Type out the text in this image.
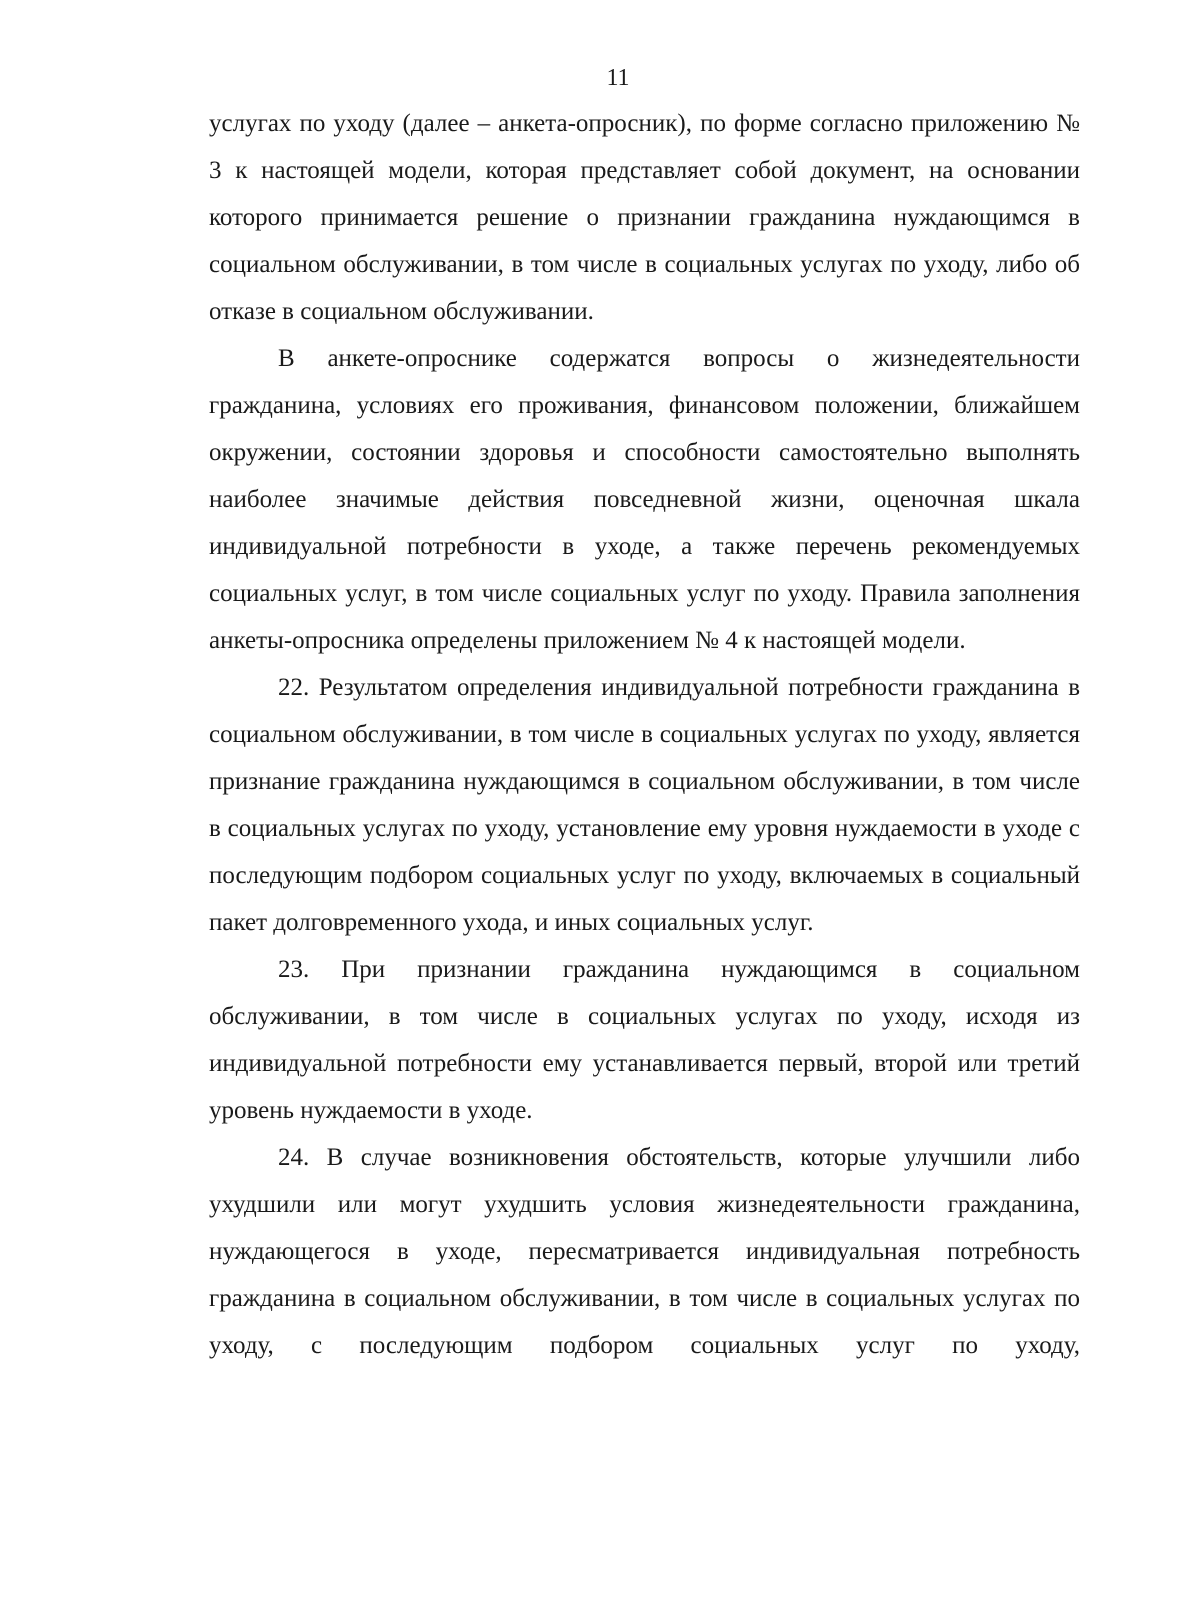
11

услугах по уходу (далее – анкета-опросник), по форме согласно приложению № 3 к настоящей модели, которая представляет собой документ, на основании которого принимается решение о признании гражданина нуждающимся в социальном обслуживании, в том числе в социальных услугах по уходу, либо об отказе в социальном обслуживании.

В анкете-опроснике содержатся вопросы о жизнедеятельности гражданина, условиях его проживания, финансовом положении, ближайшем окружении, состоянии здоровья и способности самостоятельно выполнять наиболее значимые действия повседневной жизни, оценочная шкала индивидуальной потребности в уходе, а также перечень рекомендуемых социальных услуг, в том числе социальных услуг по уходу. Правила заполнения анкеты-опросника определены приложением № 4 к настоящей модели.

22. Результатом определения индивидуальной потребности гражданина в социальном обслуживании, в том числе в социальных услугах по уходу, является признание гражданина нуждающимся в социальном обслуживании, в том числе в социальных услугах по уходу, установление ему уровня нуждаемости в уходе с последующим подбором социальных услуг по уходу, включаемых в социальный пакет долговременного ухода, и иных социальных услуг.

23. При признании гражданина нуждающимся в социальном обслуживании, в том числе в социальных услугах по уходу, исходя из индивидуальной потребности ему устанавливается первый, второй или третий уровень нуждаемости в уходе.

24. В случае возникновения обстоятельств, которые улучшили либо ухудшили или могут ухудшить условия жизнедеятельности гражданина, нуждающегося в уходе, пересматривается индивидуальная потребность гражданина в социальном обслуживании, в том числе в социальных услугах по уходу, с последующим подбором социальных услуг по уходу,
